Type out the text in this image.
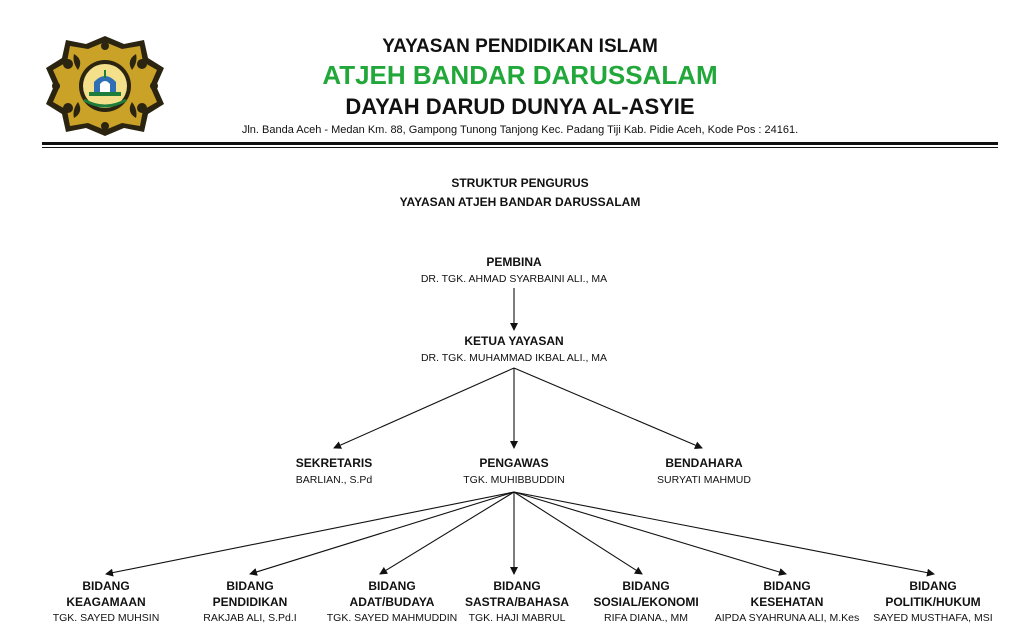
YAYASAN PENDIDIKAN ISLAM
ATJEH BANDAR DARUSSALAM
DAYAH DARUD DUNYA AL-ASYIE
Jln. Banda Aceh - Medan Km. 88, Gampong Tunong Tanjong Kec. Padang Tiji Kab. Pidie Aceh, Kode Pos : 24161.
STRUKTUR PENGURUS
YAYASAN ATJEH BANDAR DARUSSALAM
PEMBINA
DR. TGK. AHMAD SYARBAINI ALI., MA
KETUA YAYASAN
DR. TGK. MUHAMMAD IKBAL ALI., MA
SEKRETARIS
BARLIAN., S.Pd
PENGAWAS
TGK. MUHIBBUDDIN
BENDAHARA
SURYATI MAHMUD
BIDANG
KEAGAMAAN
TGK. SAYED MUHSIN
BIDANG
PENDIDIKAN
RAKJAB ALI, S.Pd.I
BIDANG
ADAT/BUDAYA
TGK. SAYED MAHMUDDIN
BIDANG
SASTRA/BAHASA
TGK. HAJI MABRUL
BIDANG
SOSIAL/EKONOMI
RIFA DIANA., MM
BIDANG
KESEHATAN
AIPDA SYAHRUNA ALI, M.Kes
BIDANG
POLITIK/HUKUM
SAYED MUSTHAFA, MSI
